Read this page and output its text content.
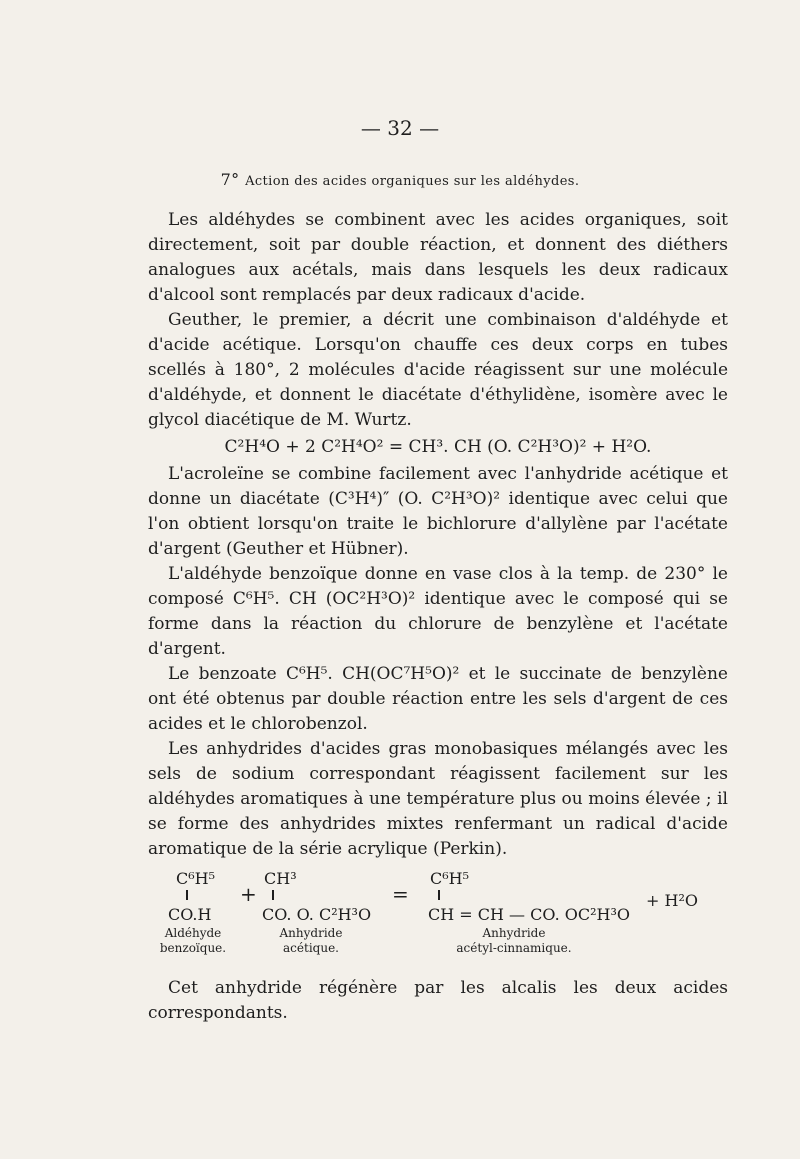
— 32 —
7° Action des acides organiques sur les aldéhydes.

Les aldéhydes se combinent avec les acides organiques, soit directement, soit par double réaction, et donnent des diéthers analogues aux acétals, mais dans lesquels les deux radicaux d'alcool sont remplacés par deux radicaux d'acide.

Geuther, le premier, a décrit une combinaison d'aldéhyde et d'acide acétique. Lorsqu'on chauffe ces deux corps en tubes scellés à 180°, 2 molécules d'acide réagissent sur une molécule d'aldéhyde, et donnent le diacétate d'éthylidène, isomère avec le glycol diacétique de M. Wurtz.

C²H⁴O + 2 C²H⁴O² = CH³. CH (O. C²H³O)² + H²O.

L'acroleïne se combine facilement avec l'anhydride acétique et donne un diacétate (C³H⁴)″ (O. C²H³O)² identique avec celui que l'on obtient lorsqu'on traite le bichlorure d'allylène par l'acétate d'argent (Geuther et Hübner).

L'aldéhyde benzoïque donne en vase clos à la temp. de 230° le composé C⁶H⁵. CH (OC²H³O)² identique avec le composé qui se forme dans la réaction du chlorure de benzylène et l'acétate d'argent.

Le benzoate C⁶H⁵. CH(OC⁷H⁵O)² et le succinate de benzylène ont été obtenus par double réaction entre les sels d'argent de ces acides et le chlorobenzol.

Les anhydrides d'acides gras monobasiques mélangés avec les sels de sodium correspondant réagissent facilement sur les aldéhydes aromatiques à une température plus ou moins élevée ; il se forme des anhydrides mixtes renfermant un radical d'acide aromatique de la série acrylique (Perkin).

C⁶H⁵
CO.H
+
CH³
CO. O. C²H³O
=
C⁶H⁵
CH = CH — CO. OC²H³O
+ H²O
Aldéhyde
benzoïque.
Anhydride
acétique.
Anhydride
acétyl-cinnamique.

Cet anhydride régénère par les alcalis les deux acides correspondants.
